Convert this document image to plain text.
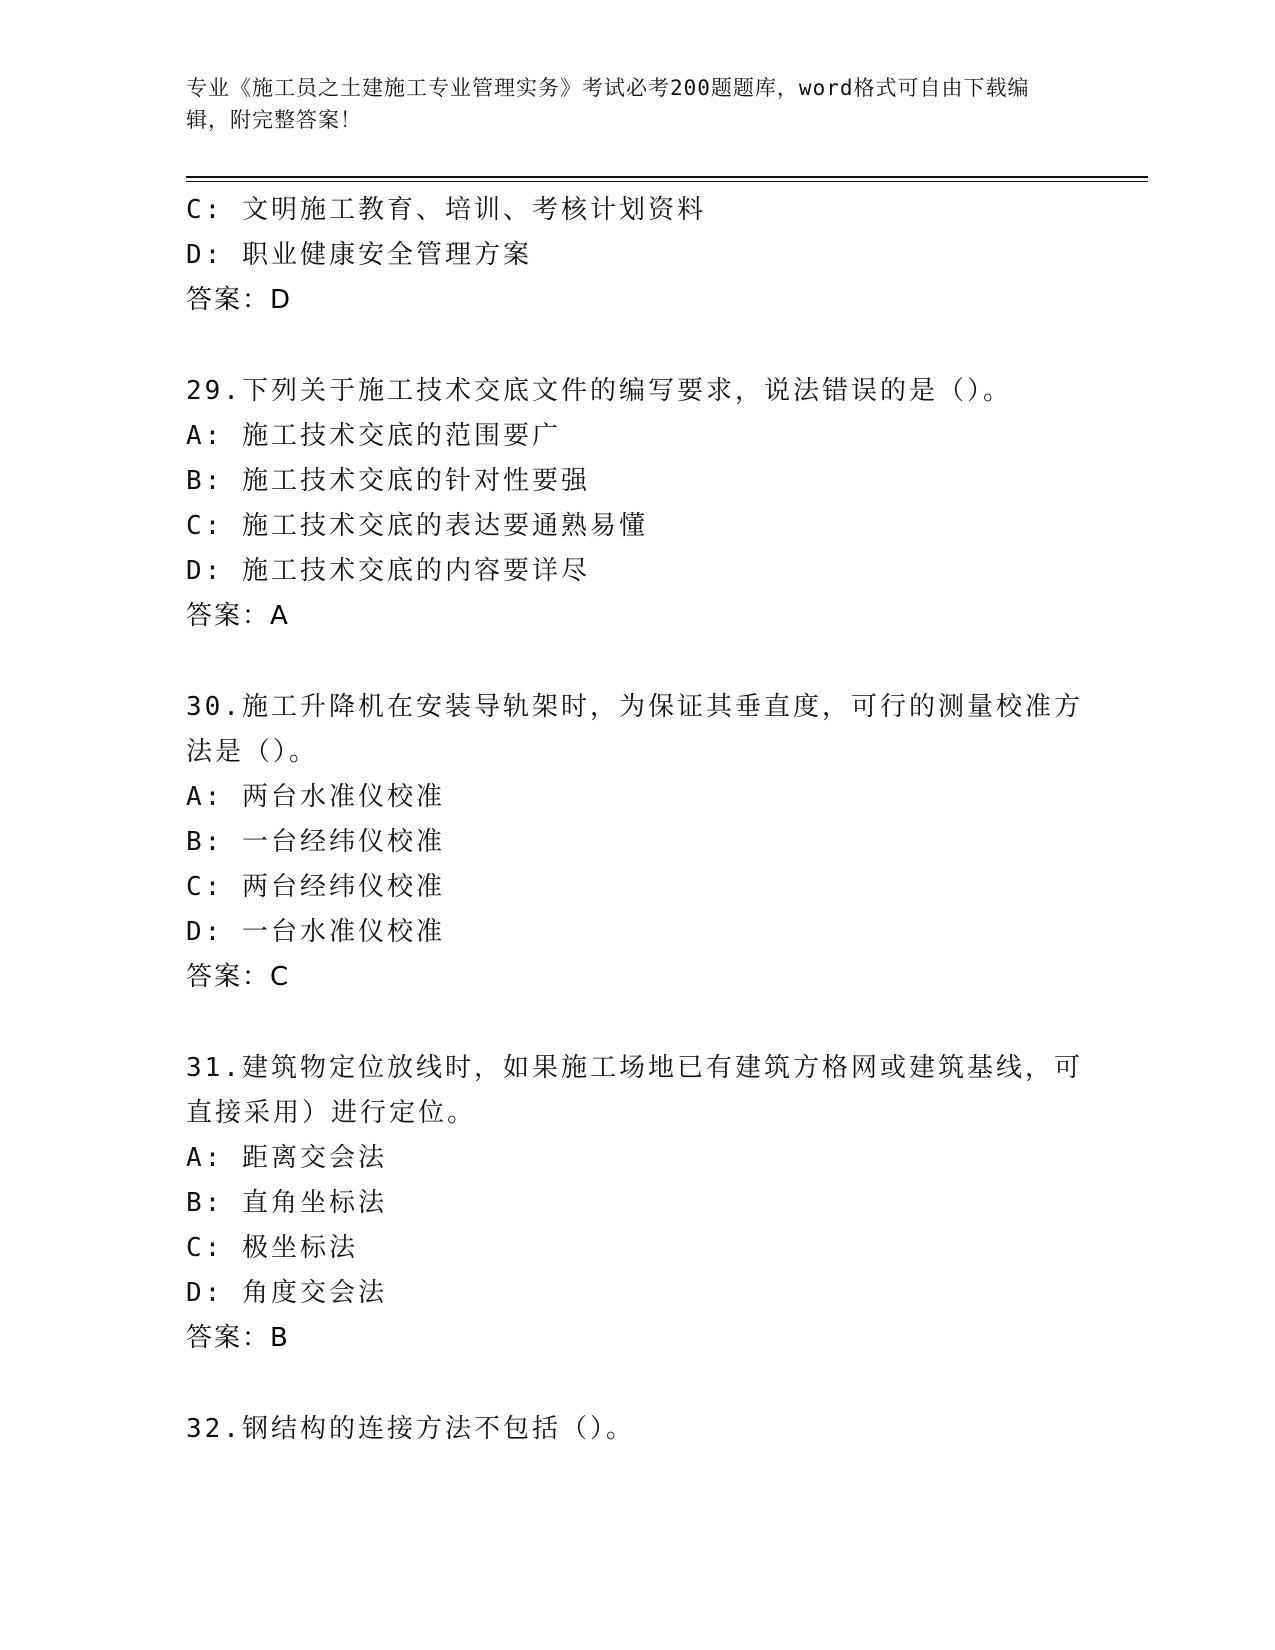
专业《施工员之土建施工专业管理实务》考试必考200题题库，word格式可自由下载编辑，附完整答案！
C: 文明施工教育、培训、考核计划资料
D: 职业健康安全管理方案
答案：D
29.下列关于施工技术交底文件的编写要求，说法错误的是（）。
A: 施工技术交底的范围要广
B: 施工技术交底的针对性要强
C: 施工技术交底的表达要通熟易懂
D: 施工技术交底的内容要详尽
答案：A
30.施工升降机在安装导轨架时，为保证其垂直度，可行的测量校准方法是（）。
A: 两台水准仪校准
B: 一台经纬仪校准
C: 两台经纬仪校准
D: 一台水准仪校准
答案：C
31.建筑物定位放线时，如果施工场地已有建筑方格网或建筑基线，可直接采用）进行定位。
A: 距离交会法
B: 直角坐标法
C: 极坐标法
D: 角度交会法
答案：B
32.钢结构的连接方法不包括（）。
